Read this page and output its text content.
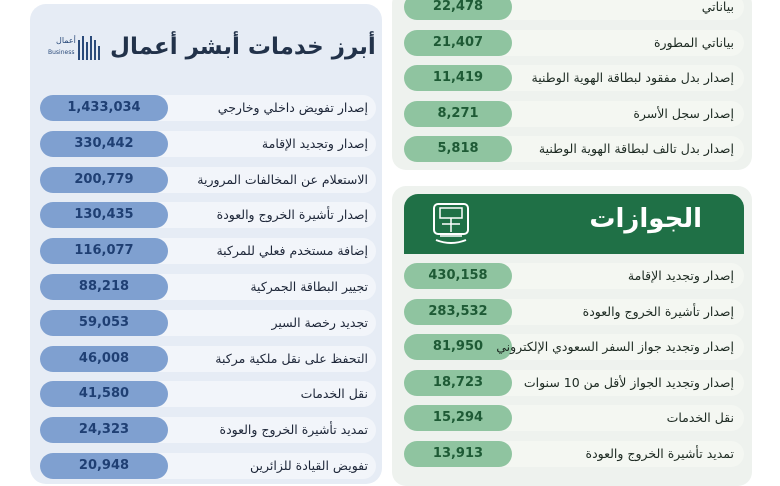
أبرز خدمات أبشر أعمال
أعمال
Business
1,433,034	إصدار تفويض داخلي وخارجي
330,442	إصدار وتجديد الإقامة
200,779	الاستعلام عن المخالفات المرورية
130,435	إصدار تأشيرة الخروج والعودة
116,077	إضافة مستخدم فعلي للمركبة
88,218	تجيير البطاقة الجمركية
59,053	تجديد رخصة السير
46,008	التحفظ على نقل ملكية مركبة
41,580	نقل الخدمات
24,323	تمديد تأشيرة الخروج والعودة
20,948	تفويض القيادة للزائرين
22,478	بياناتي
21,407	بياناتي المطورة
11,419	إصدار بدل مفقود لبطاقة الهوية الوطنية
8,271	إصدار سجل الأسرة
5,818	إصدار بدل تالف لبطاقة الهوية الوطنية
الجوازات
430,158	إصدار وتجديد الإقامة
283,532	إصدار تأشيرة الخروج والعودة
81,950	إصدار وتجديد جواز السفر السعودي الإلكتروني
18,723	إصدار وتجديد الجواز لأقل من 10 سنوات
15,294	نقل الخدمات
13,913	تمديد تأشيرة الخروج والعودة
